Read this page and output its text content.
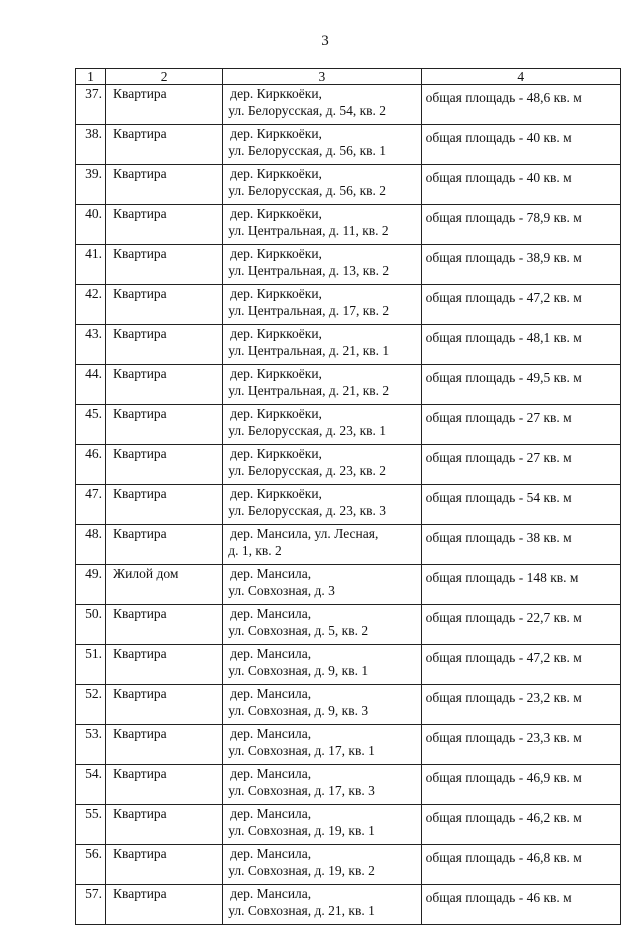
3
1	2	3	4
37.	Квартира	дер. Кирккоёки,
ул. Белорусская, д. 54, кв. 2	общая площадь - 48,6 кв. м
38.	Квартира	дер. Кирккоёки,
ул. Белорусская, д. 56, кв. 1	общая площадь - 40 кв. м
39.	Квартира	дер. Кирккоёки,
ул. Белорусская, д. 56, кв. 2	общая площадь - 40 кв. м
40.	Квартира	дер. Кирккоёки,
ул. Центральная, д. 11, кв. 2	общая площадь - 78,9 кв. м
41.	Квартира	дер. Кирккоёки,
ул. Центральная, д. 13, кв. 2	общая площадь - 38,9 кв. м
42.	Квартира	дер. Кирккоёки,
ул. Центральная, д. 17, кв. 2	общая площадь - 47,2 кв. м
43.	Квартира	дер. Кирккоёки,
ул. Центральная, д. 21, кв. 1	общая площадь - 48,1 кв. м
44.	Квартира	дер. Кирккоёки,
ул. Центральная, д. 21, кв. 2	общая площадь - 49,5 кв. м
45.	Квартира	дер. Кирккоёки,
ул. Белорусская, д. 23, кв. 1	общая площадь - 27 кв. м
46.	Квартира	дер. Кирккоёки,
ул. Белорусская, д. 23, кв. 2	общая площадь - 27 кв. м
47.	Квартира	дер. Кирккоёки,
ул. Белорусская, д. 23, кв. 3	общая площадь - 54 кв. м
48.	Квартира	дер. Мансила, ул. Лесная,
д. 1, кв. 2	общая площадь - 38 кв. м
49.	Жилой дом	дер. Мансила,
ул. Совхозная, д. 3	общая площадь - 148 кв. м
50.	Квартира	дер. Мансила,
ул. Совхозная, д. 5, кв. 2	общая площадь - 22,7 кв. м
51.	Квартира	дер. Мансила,
ул. Совхозная, д. 9, кв. 1	общая площадь - 47,2 кв. м
52.	Квартира	дер. Мансила,
ул. Совхозная, д. 9, кв. 3	общая площадь - 23,2 кв. м
53.	Квартира	дер. Мансила,
ул. Совхозная, д. 17, кв. 1	общая площадь - 23,3 кв. м
54.	Квартира	дер. Мансила,
ул. Совхозная, д. 17, кв. 3	общая площадь - 46,9 кв. м
55.	Квартира	дер. Мансила,
ул. Совхозная, д. 19, кв. 1	общая площадь - 46,2 кв. м
56.	Квартира	дер. Мансила,
ул. Совхозная, д. 19, кв. 2	общая площадь - 46,8 кв. м
57.	Квартира	дер. Мансила,
ул. Совхозная, д. 21, кв. 1	общая площадь - 46 кв. м
